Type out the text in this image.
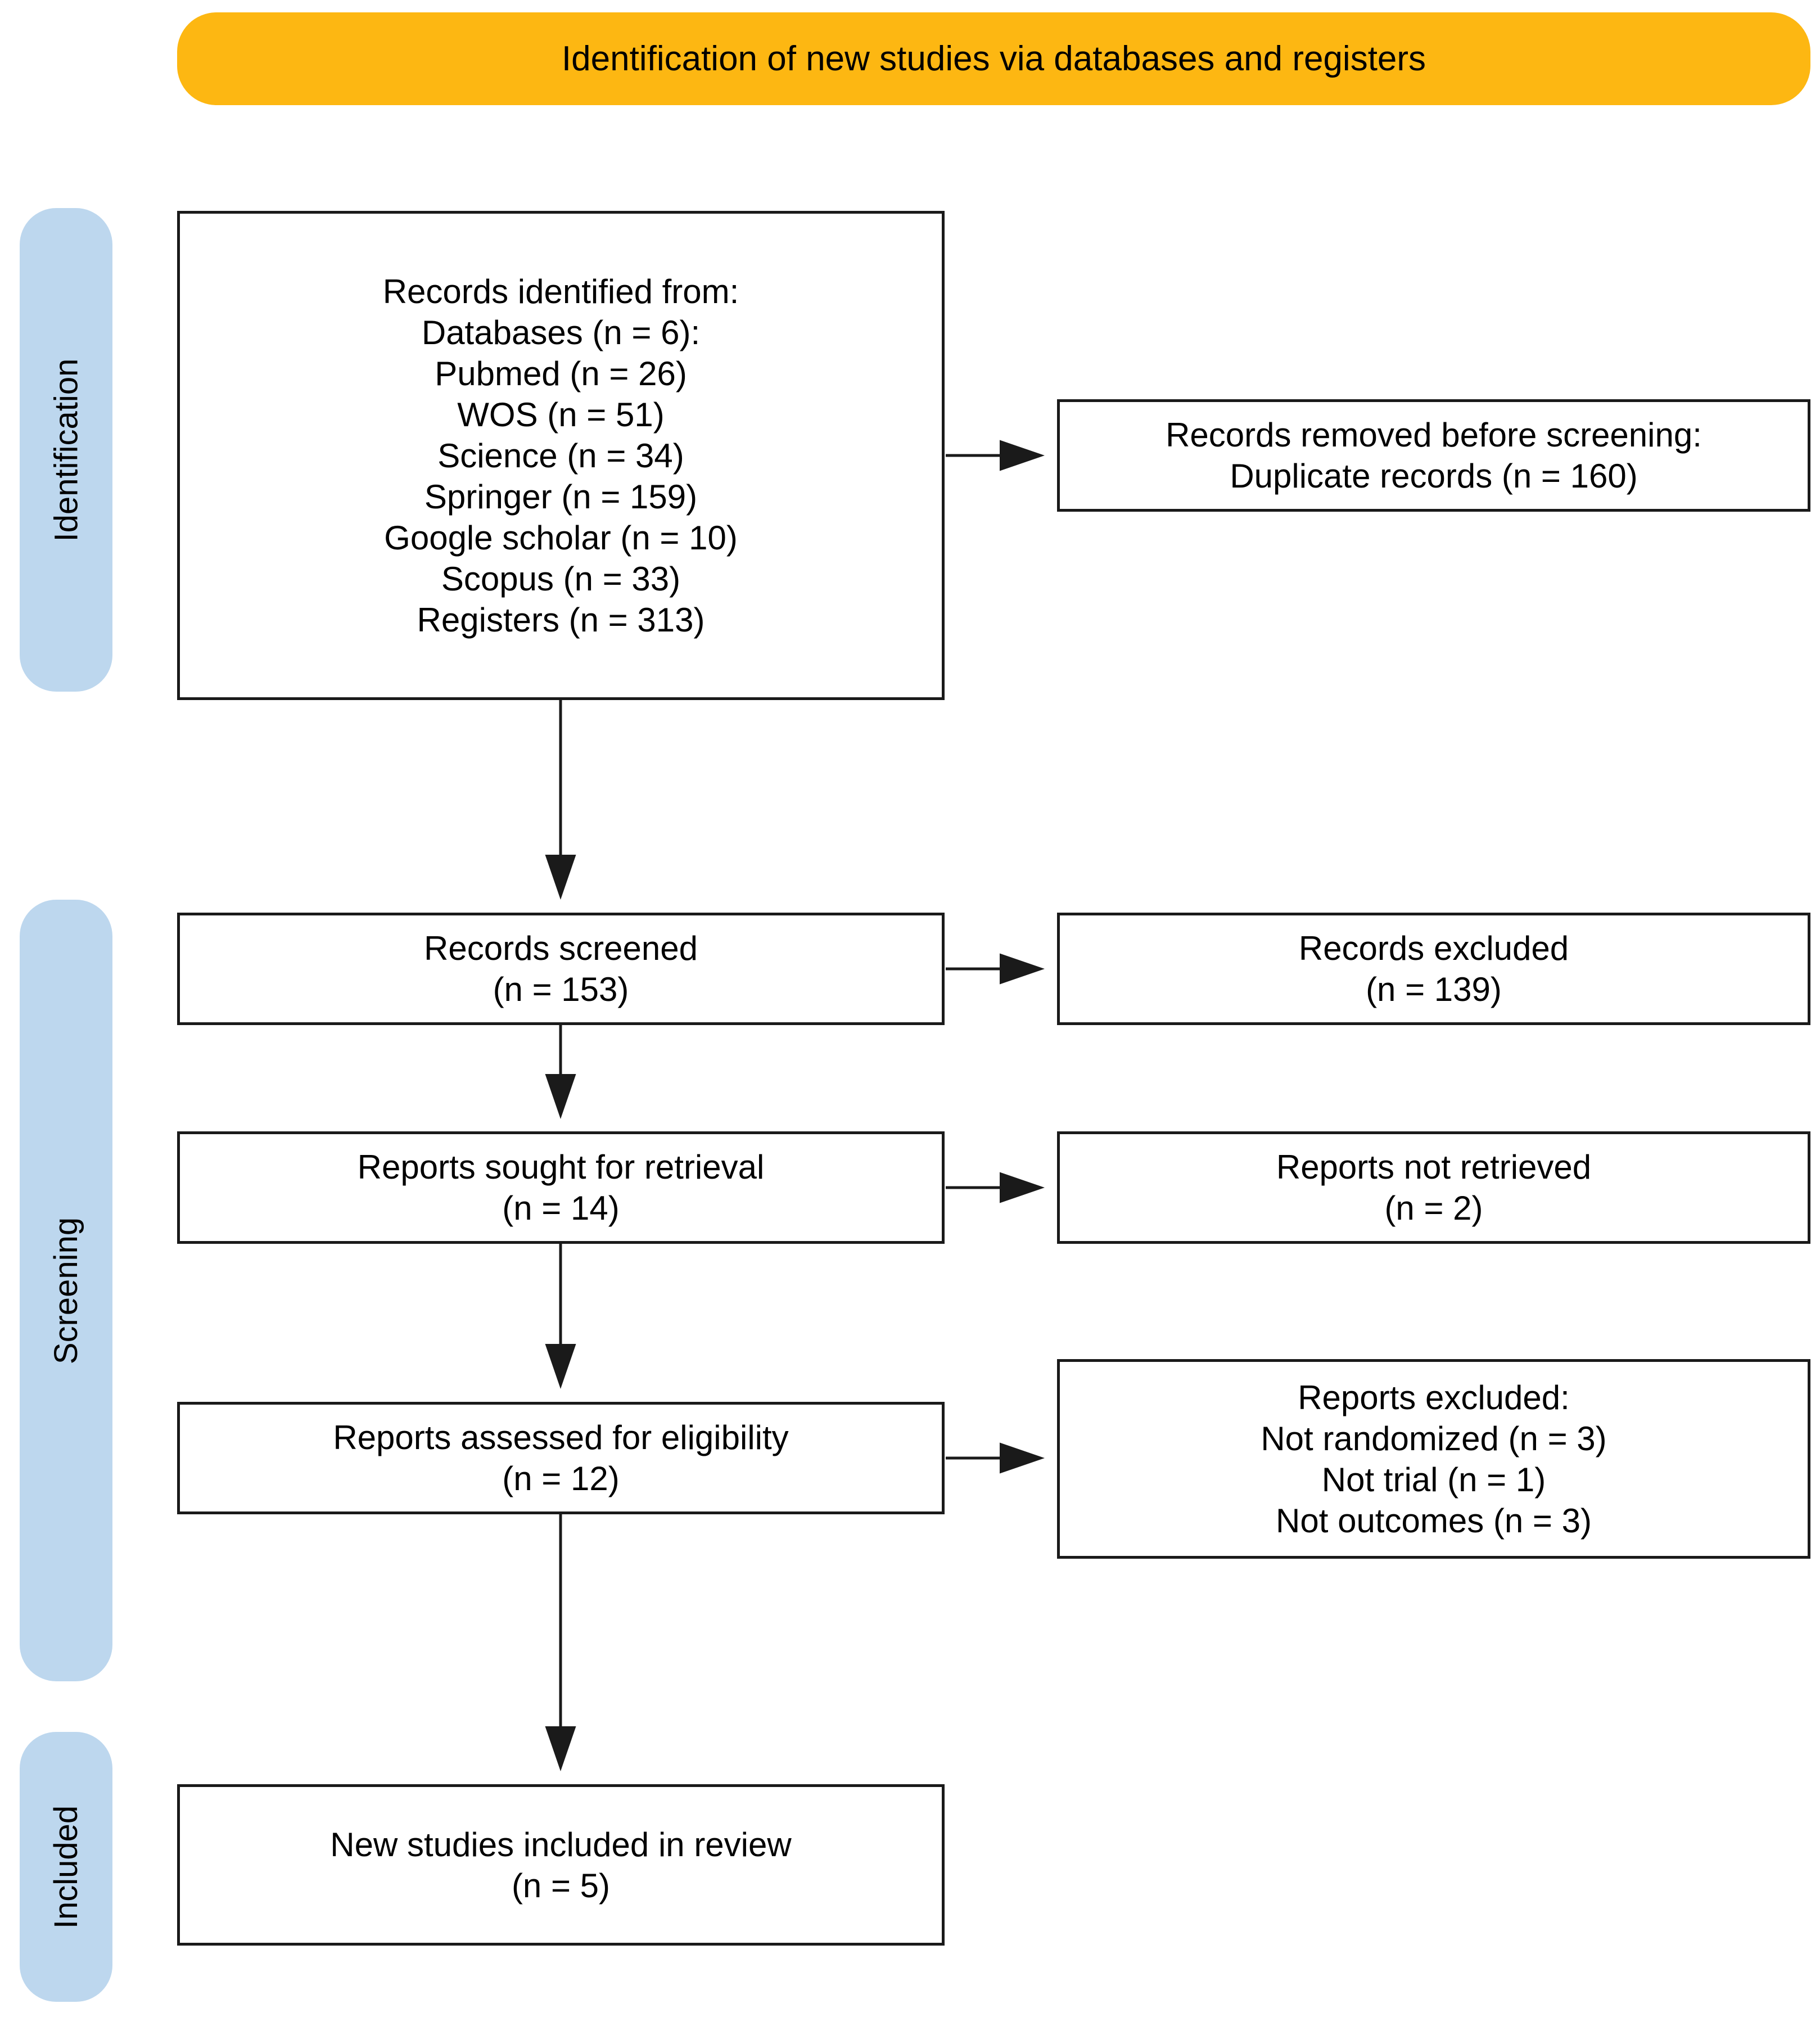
Identification of new studies via databases and registers
Identification
Screening
Included
Records identified from:
Databases (n = 6):
Pubmed (n = 26)
WOS (n = 51)
Science (n = 34)
Springer (n = 159)
Google scholar (n = 10)
Scopus (n = 33)
Registers (n = 313)
Records removed before screening:
Duplicate records (n = 160)
Records screened
(n = 153)
Records excluded
(n = 139)
Reports sought for retrieval
(n = 14)
Reports not retrieved
(n = 2)
Reports assessed for eligibility
(n = 12)
Reports excluded:
Not randomized (n = 3)
Not trial (n = 1)
Not outcomes (n = 3)
New studies included in review
(n = 5)
